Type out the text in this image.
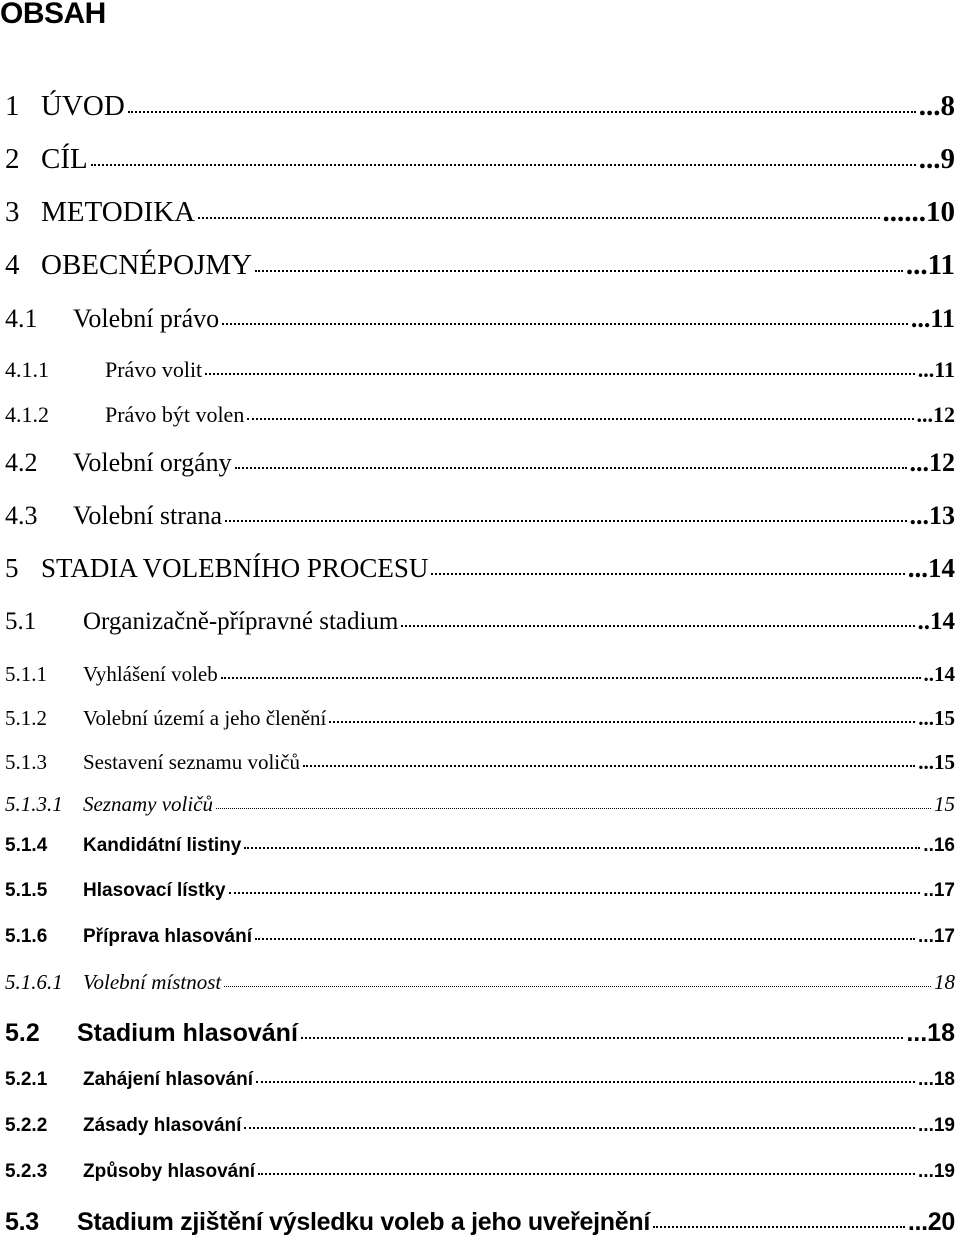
OBSAH
1 ÚVOD	...8
2 CÍL	...9
3 METODIKA	......10
4 OBECNÉPOJMY	...11
4.1	Volební právo	...11
4.1.1	Právo volit	...11
4.1.2	Právo být volen	...12
4.2	Volební orgány	...12
4.3	Volební strana	...13
5 STADIA VOLEBNÍHO PROCESU	...14
5.1	Organizačně-přípravné stadium	..14
5.1.1	Vyhlášení voleb	..14
5.1.2	Volební území a jeho členění	...15
5.1.3	Sestavení seznamu voličů	...15
5.1.3.1 Seznamy voličů	15
5.1.4	Kandidátní listiny	..16
5.1.5	Hlasovací lístky	..17
5.1.6	Příprava hlasování	...17
5.1.6.1 Volební místnost	18
5.2	Stadium hlasování	...18
5.2.1	Zahájení hlasování	...18
5.2.2	Zásady hlasování	...19
5.2.3	Způsoby hlasování	...19
5.3	Stadium zjištění výsledku voleb a jeho uveřejnění	...20
